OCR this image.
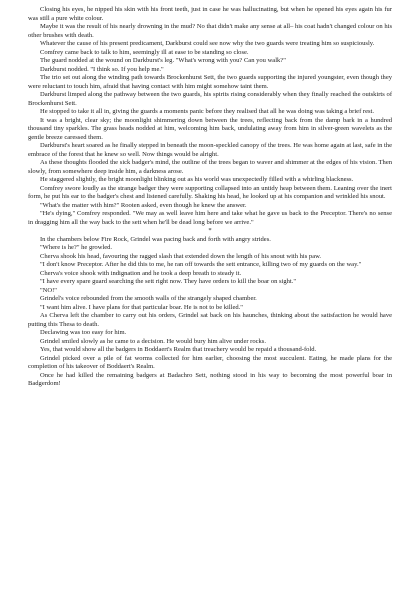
Closing his eyes, he nipped his skin with his front teeth, just in case he was hallucinating, but when he opened his eyes again his fur was still a pure white colour.

Maybe it was the result of his nearly drowning in the mud? No that didn't make any sense at all– his coat hadn't changed colour on his other brushes with death.

Whatever the cause of his present predicament, Darkburst could see now why the two guards were treating him so suspiciously.

Comfrey came back to talk to him, seemingly ill at ease to be standing so close.

The guard nodded at the wound on Darkburst's leg. "What's wrong with you? Can you walk?"

Darkburst nodded. "I think so. If you help me."

The trio set out along the winding path towards Brockenhurst Sett, the two guards supporting the injured youngster, even though they were reluctant to touch him, afraid that having contact with him might somehow taint them.

Darkburst limped along the pathway between the two guards, his spirits rising considerably when they finally reached the outskirts of Brockenhurst Sett.

He stopped to take it all in, giving the guards a moments panic before they realised that all he was doing was taking a brief rest.

It was a bright, clear sky; the moonlight shimmering down between the trees, reflecting back from the damp bark in a hundred thousand tiny sparkles. The grass heads nodded at him, welcoming him back, undulating away from him in silver-green wavelets as the gentle breeze caressed them.

Darkburst's heart soared as he finally stepped in beneath the moon-speckled canopy of the trees. He was home again at last, safe in the embrace of the forest that he knew so well. Now things would be alright.

As these thoughts flooded the sick badger's mind, the outline of the trees began to waver and shimmer at the edges of his vision. Then slowly, from somewhere deep inside him, a darkness arose.

He staggered slightly, the bright moonlight blinking out as his world was unexpectedly filled with a whirling blackness.

Comfrey swore loudly as the strange badger they were supporting collapsed into an untidy heap between them. Leaning over the inert form, he put his ear to the badger's chest and listened carefully. Shaking his head, he looked up at his companion and wrinkled his snout.

"What's the matter with him?" Rooten asked, even though he knew the answer.

"He's dying," Comfrey responded. "We may as well leave him here and take what he gave us back to the Preceptor. There's no sense in dragging him all the way back to the sett when he'll be dead long before we arrive."

*

In the chambers below Fire Rock, Grindel was pacing back and forth with angry strides.

"Where is he?" he growled.

Cherva shook his head, favouring the ragged slash that extended down the length of his snout with his paw.

"I don't know Preceptor. After he did this to me, he ran off towards the sett entrance, killing two of my guards on the way."

Cherva's voice shook with indignation and he took a deep breath to steady it.

"I have every spare guard searching the sett right now. They have orders to kill the boar on sight."

"NO!"

Grindel's voice rebounded from the smooth walls of the strangely shaped chamber.

"I want him alive. I have plans for that particular boar. He is not to be killed."

As Cherva left the chamber to carry out his orders, Grindel sat back on his haunches, thinking about the satisfaction he would have putting this Thesa to death.

Declawing was too easy for him.

Grindel smiled slowly as he came to a decision. He would bury him alive under rocks.

Yes, that would show all the badgers in Boddaert's Realm that treachery would be repaid a thousand-fold.

Grindel picked over a pile of fat worms collected for him earlier, choosing the most succulent. Eating, he made plans for the completion of his takeover of Boddaert's Realm.

Once he had killed the remaining badgers at Badachro Sett, nothing stood in his way to becoming the most powerful boar in Badgerdom!
